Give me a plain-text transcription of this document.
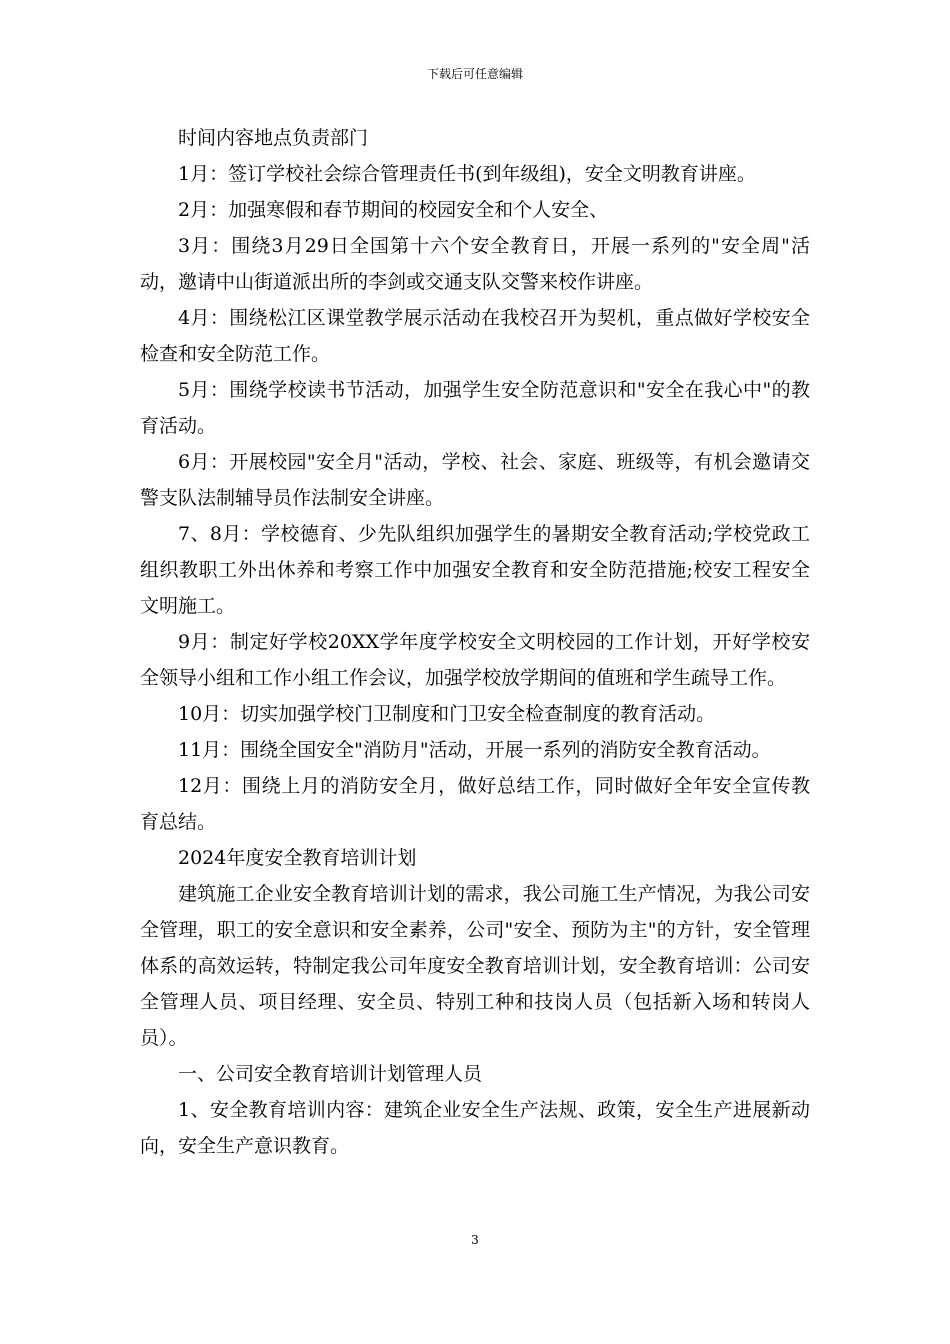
下载后可任意编辑

时间内容地点负责部门

1月：签订学校社会综合管理责任书(到年级组)，安全文明教育讲座。

2月：加强寒假和春节期间的校园安全和个人安全、

3月：围绕3月29日全国第十六个安全教育日，开展一系列的"安全周"活动，邀请中山街道派出所的李剑或交通支队交警来校作讲座。

4月：围绕松江区课堂教学展示活动在我校召开为契机，重点做好学校安全检查和安全防范工作。

5月：围绕学校读书节活动，加强学生安全防范意识和"安全在我心中"的教育活动。

6月：开展校园"安全月"活动，学校、社会、家庭、班级等，有机会邀请交警支队法制辅导员作法制安全讲座。

7、8月：学校德育、少先队组织加强学生的暑期安全教育活动;学校党政工组织教职工外出休养和考察工作中加强安全教育和安全防范措施;校安工程安全文明施工。

9月：制定好学校20XX学年度学校安全文明校园的工作计划，开好学校安全领导小组和工作小组工作会议，加强学校放学期间的值班和学生疏导工作。

10月：切实加强学校门卫制度和门卫安全检查制度的教育活动。

11月：围绕全国安全"消防月"活动，开展一系列的消防安全教育活动。

12月：围绕上月的消防安全月，做好总结工作，同时做好全年安全宣传教育总结。

2024年度安全教育培训计划

建筑施工企业安全教育培训计划的需求，我公司施工生产情况，为我公司安全管理，职工的安全意识和安全素养，公司"安全、预防为主"的方针，安全管理体系的高效运转，特制定我公司年度安全教育培训计划，安全教育培训：公司安全管理人员、项目经理、安全员、特别工种和技岗人员（包括新入场和转岗人员）。

一、公司安全教育培训计划管理人员

1、安全教育培训内容：建筑企业安全生产法规、政策，安全生产进展新动向，安全生产意识教育。

3
